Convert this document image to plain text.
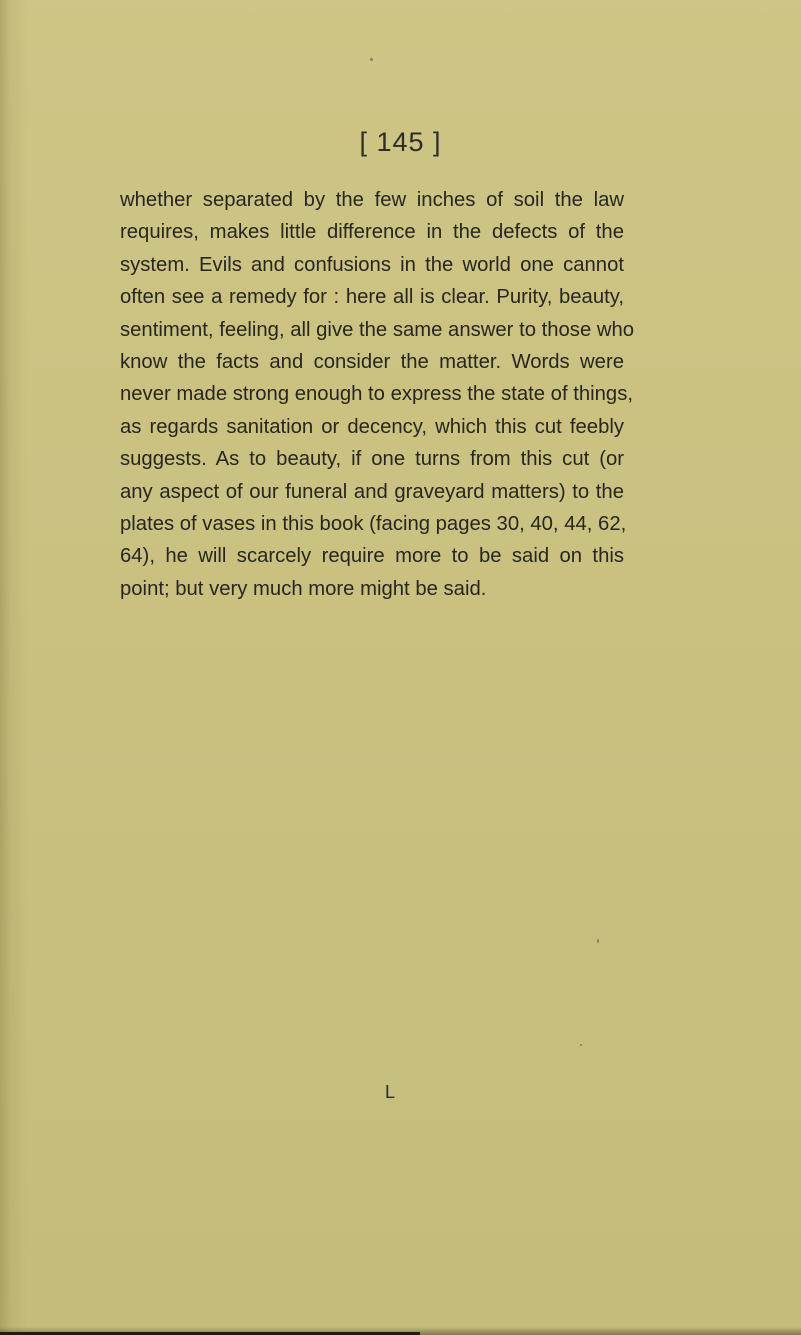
[ 145 ]
whether separated by the few inches of soil the law
requires, makes little difference in the defects of the
system. Evils and confusions in the world one cannot
often see a remedy for : here all is clear. Purity, beauty,
sentiment, feeling, all give the same answer to those who
know the facts and consider the matter. Words were
never made strong enough to express the state of things,
as regards sanitation or decency, which this cut feebly
suggests. As to beauty, if one turns from this cut (or
any aspect of our funeral and graveyard matters) to the
plates of vases in this book (facing pages 30, 40, 44, 62,
64), he will scarcely require more to be said on this
point; but very much more might be said.
L
